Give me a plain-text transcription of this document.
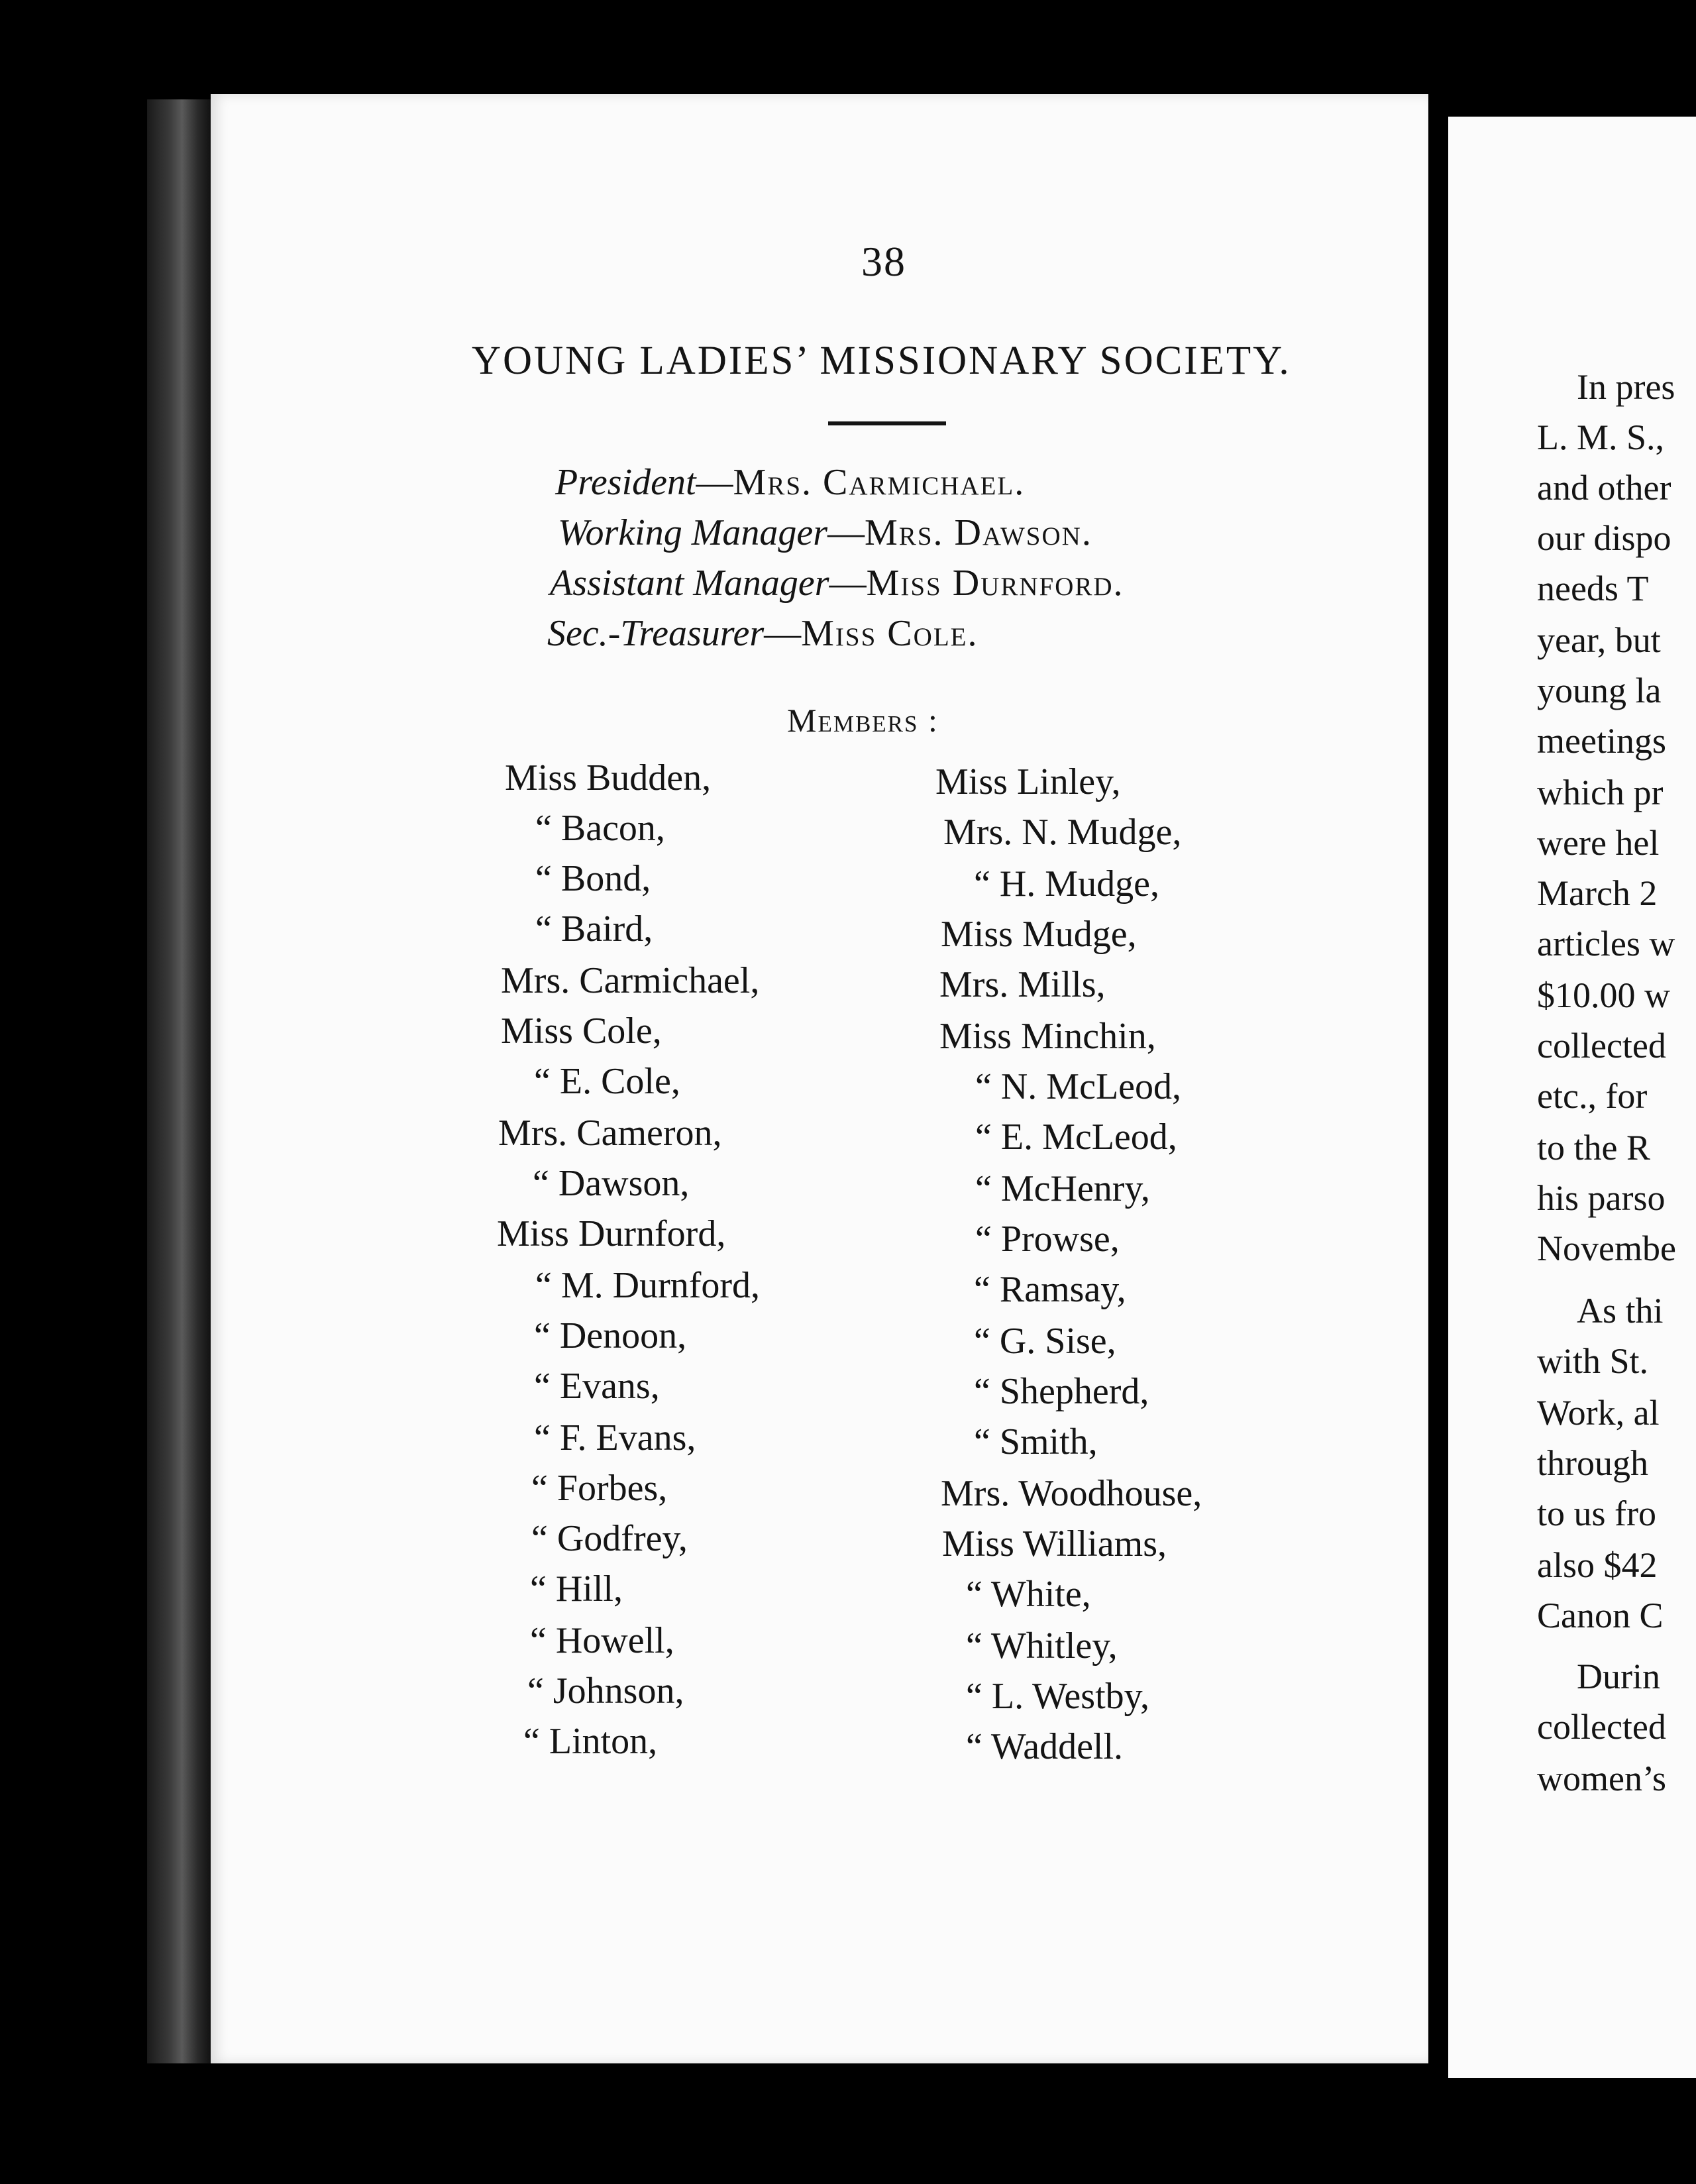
38
YOUNG LADIES’ MISSIONARY SOCIETY.
President—Mrs. Carmichael.
Working Manager—Mrs. Dawson.
Assistant Manager—Miss Durnford.
Sec.-Treasurer—Miss Cole.
Members :
Miss Budden,
“ Bacon,
“ Bond,
“ Baird,
Mrs. Carmichael,
Miss Cole,
“ E. Cole,
Mrs. Cameron,
“ Dawson,
Miss Durnford,
“ M. Durnford,
“ Denoon,
“ Evans,
“ F. Evans,
“ Forbes,
“ Godfrey,
“ Hill,
“ Howell,
“ Johnson,
“ Linton,
Miss Linley,
Mrs. N. Mudge,
“ H. Mudge,
Miss Mudge,
Mrs. Mills,
Miss Minchin,
“ N. McLeod,
“ E. McLeod,
“ McHenry,
“ Prowse,
“ Ramsay,
“ G. Sise,
“ Shepherd,
“ Smith,
Mrs. Woodhouse,
Miss Williams,
“ White,
“ Whitley,
“ L. Westby,
“ Waddell.
In pres
L. M. S.,
and other
our dispo
needs T
year, but
young la
meetings
which pr
were hel
March 2
articles w
$10.00 w
collected
etc., for
to the R
his parso
Novembe
As thi
with St.
Work, al
through
to us fro
also $42
Canon C
Durin
collected
women’s
